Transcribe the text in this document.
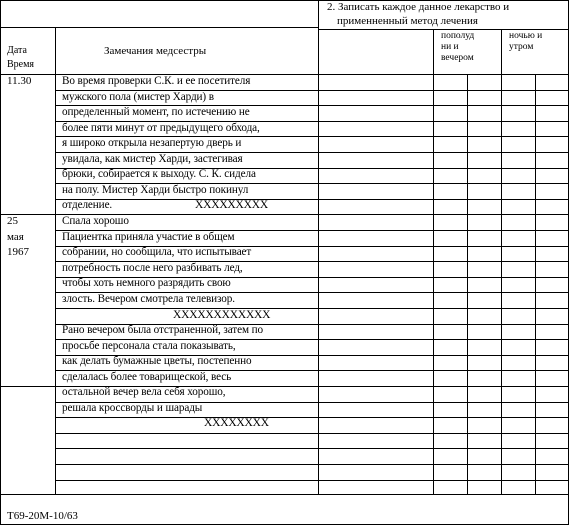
2. Записать каждое данное лекарство и
применненный метод лечения
Дата
Время
Замечания медсестры
пополуд
ни и
вечером
ночью и
утром
11.30	Во время проверки С.К. и ее посетителя
мужского пола (мистер Харди) в
определенный момент, по истечению не
более пяти минут от предыдущего обхода,
я широко открыла незапертую дверь и
увидала, как мистер Харди, застегивая
брюки, собирается к выходу. С. К. сидела
на полу. Мистер Харди быстро покинул
отделение.	XXXXXXXXX
25
мая
1967
Спала хорошо
Пациентка приняла участие в общем
собрании, но сообщила, что испытывает
потребность после него разбивать лед,
чтобы хоть немного разрядить свою
злость. Вечером смотрела телевизор.
XXXXXXXXXXXX
Рано вечером была отстраненной, затем по
просьбе персонала стала показывать,
как делать бумажные цветы, постепенно
сделалась более товарищеской, весь
остальной вечер вела себя хорошо,
решала кроссворды и шарады
XXXXXXXX
T69-20M-10/63
